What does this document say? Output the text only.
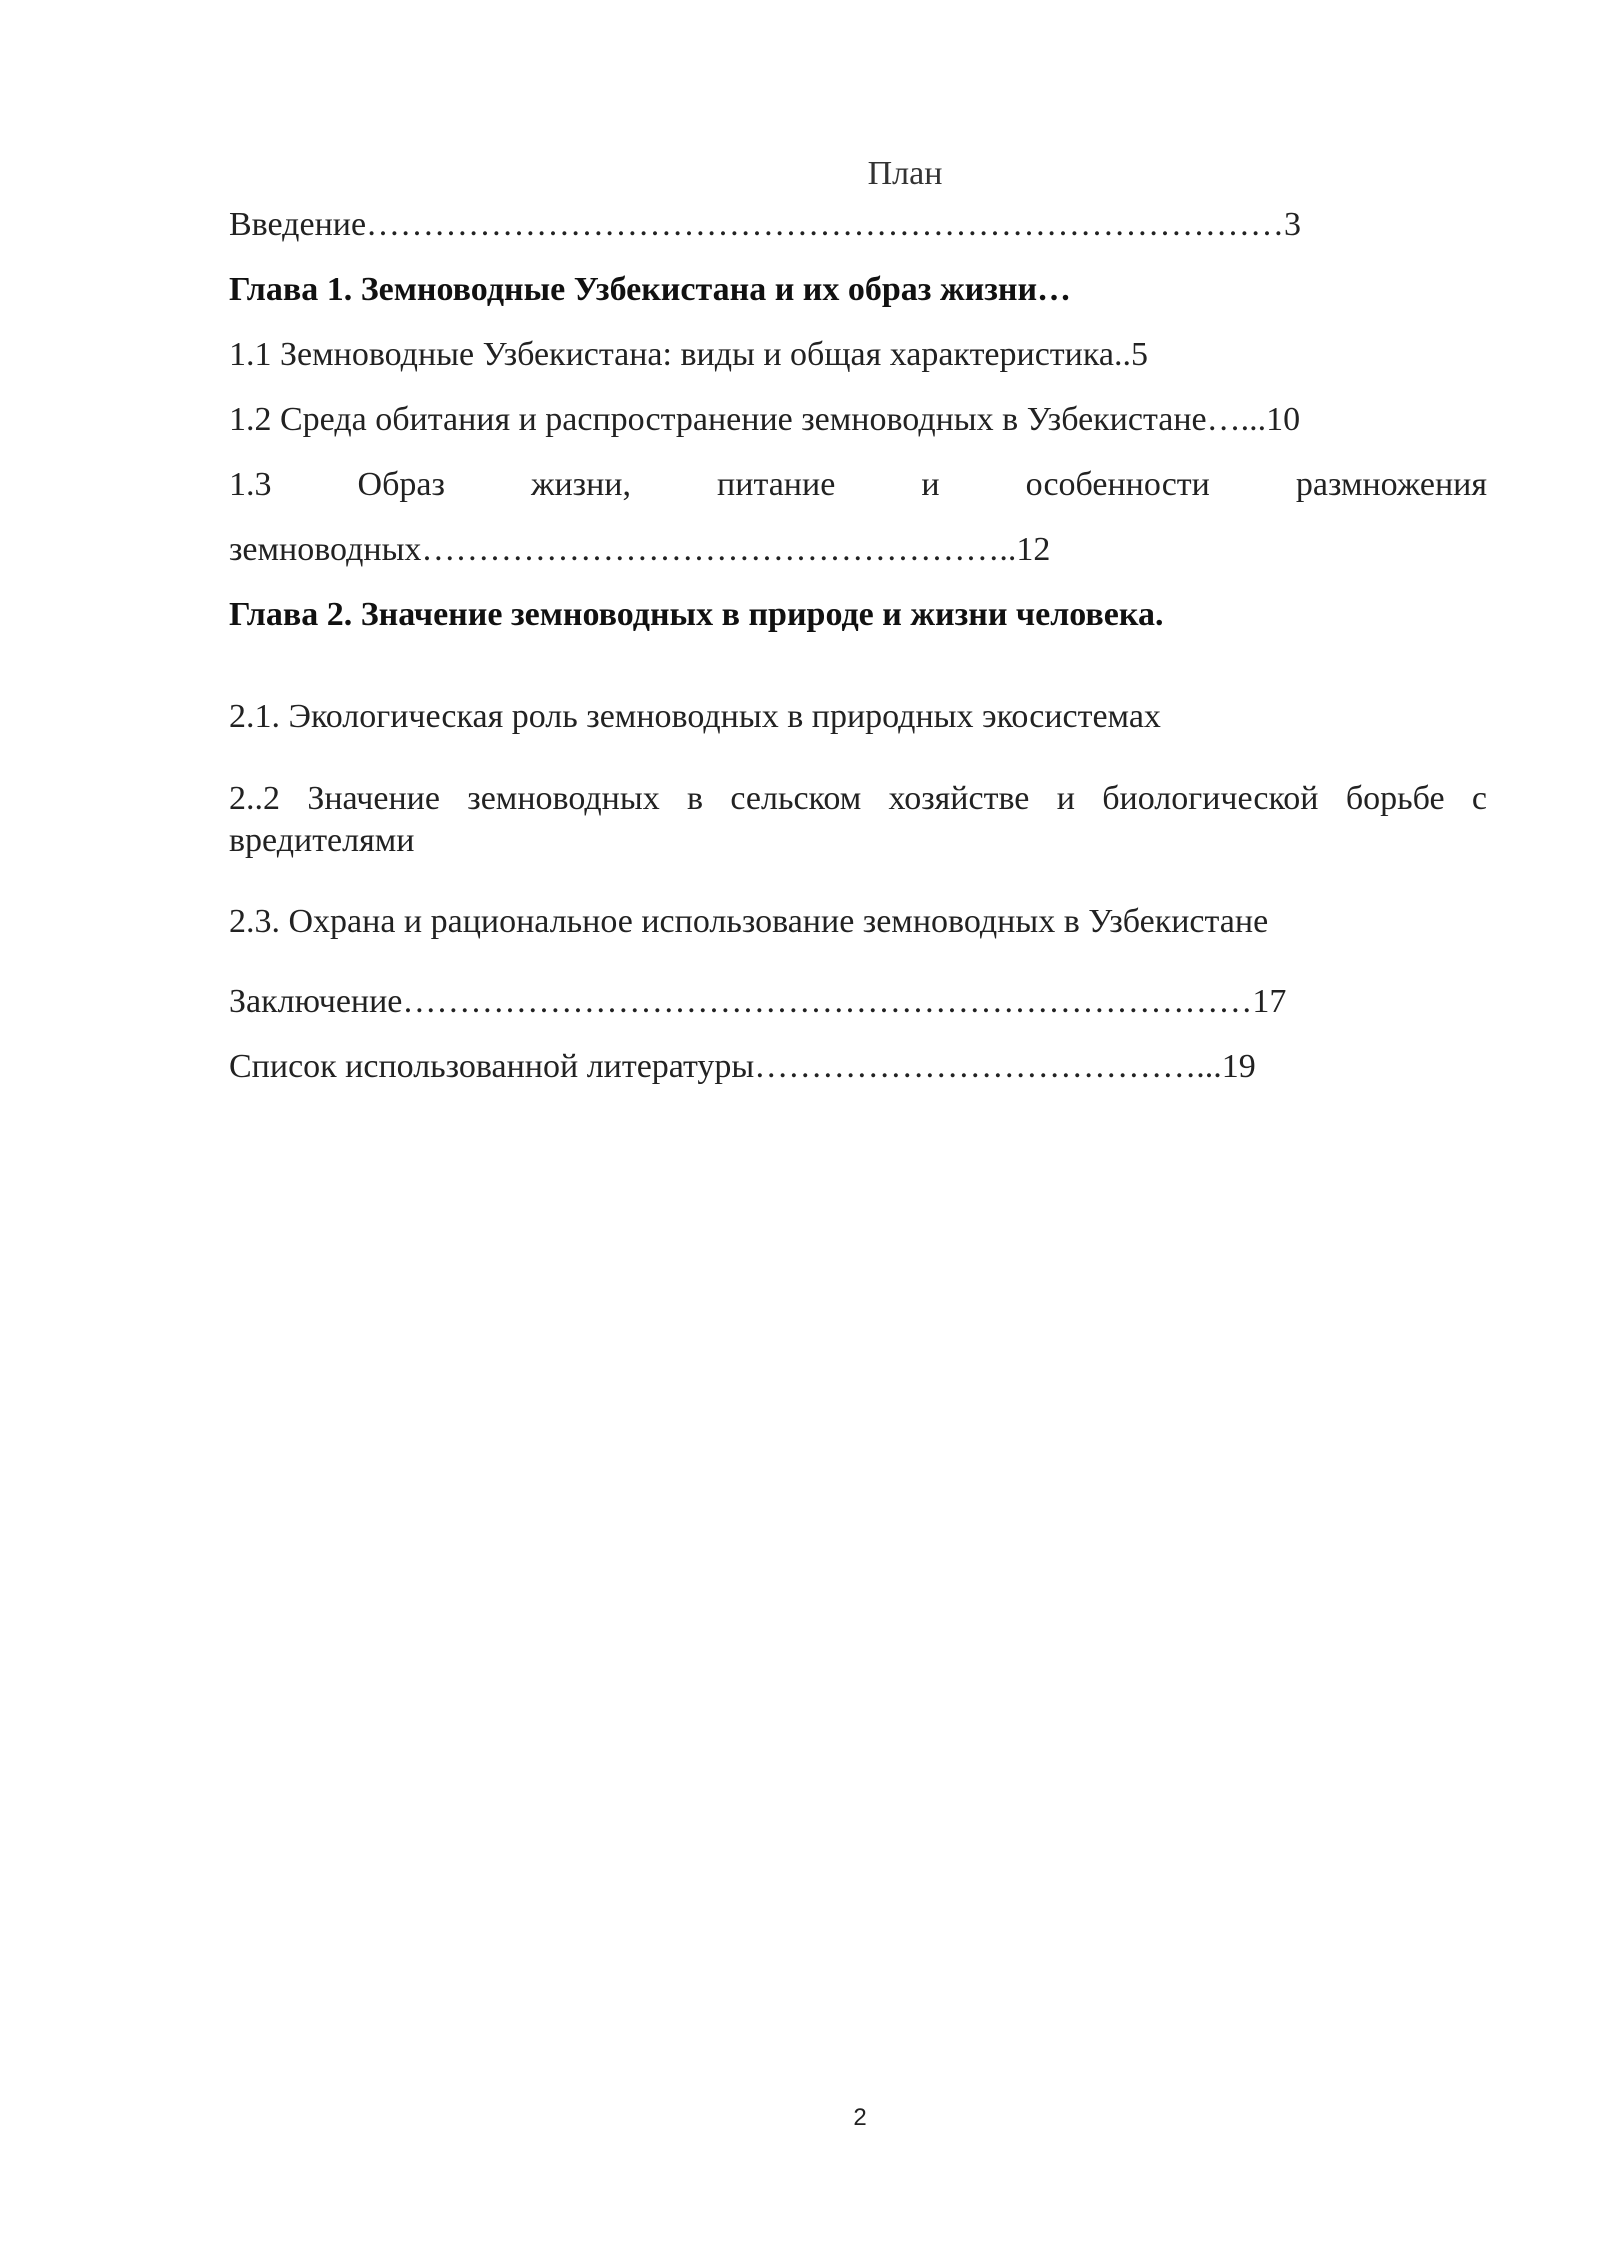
План

Введение………………………………………………………………………3

Глава 1. Земноводные Узбекистана и их образ жизни…

1.1 Земноводные Узбекистана: виды и общая характеристика..5

1.2 Среда обитания и распространение земноводных в Узбекистане…...10

1.3 Образ жизни, питание и особенности размножения

земноводных……………………………………………..12

Глава 2. Значение земноводных в природе и жизни человека.

2.1. Экологическая роль земноводных в природных экосистемах

2..2 Значение земноводных в сельском хозяйстве и биологической борьбе с вредителями

2.3. Охрана и рациональное использование земноводных в Узбекистане

Заключение…………………………………………………………………17

Список использованной литературы…………………………………...19

2
